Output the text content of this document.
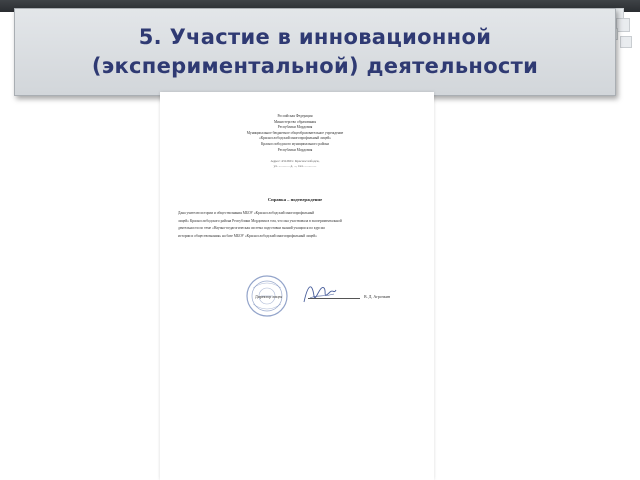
5. Участие в инновационной
(экспериментальной) деятельности
Российская Федерация
Министерство образования
Республики Мордовия
Муниципальное бюджетное общеобразовательное учреждение
«Краснослободский многопрофильный лицей»
Краснослободского муниципального района
Республики Мордовия
Адрес: 431260 г. Краснослободск,
ул. ............. д. ..., тел. ..............
Справка – подтверждение
Дана учителю истории и обществознания МБОУ «Краснослободский многопрофильный
лицей» Краснослободского района Республики Мордовия в том, что она участвовала в экспериментальной
деятельности по теме «Научно-педагогическая система подготовки знаний учащихся по курсам
истории и обществознания» на базе МБОУ «Краснослободский многопрофильный лицей»
Директор лицея	В. Д. Агрочкин
